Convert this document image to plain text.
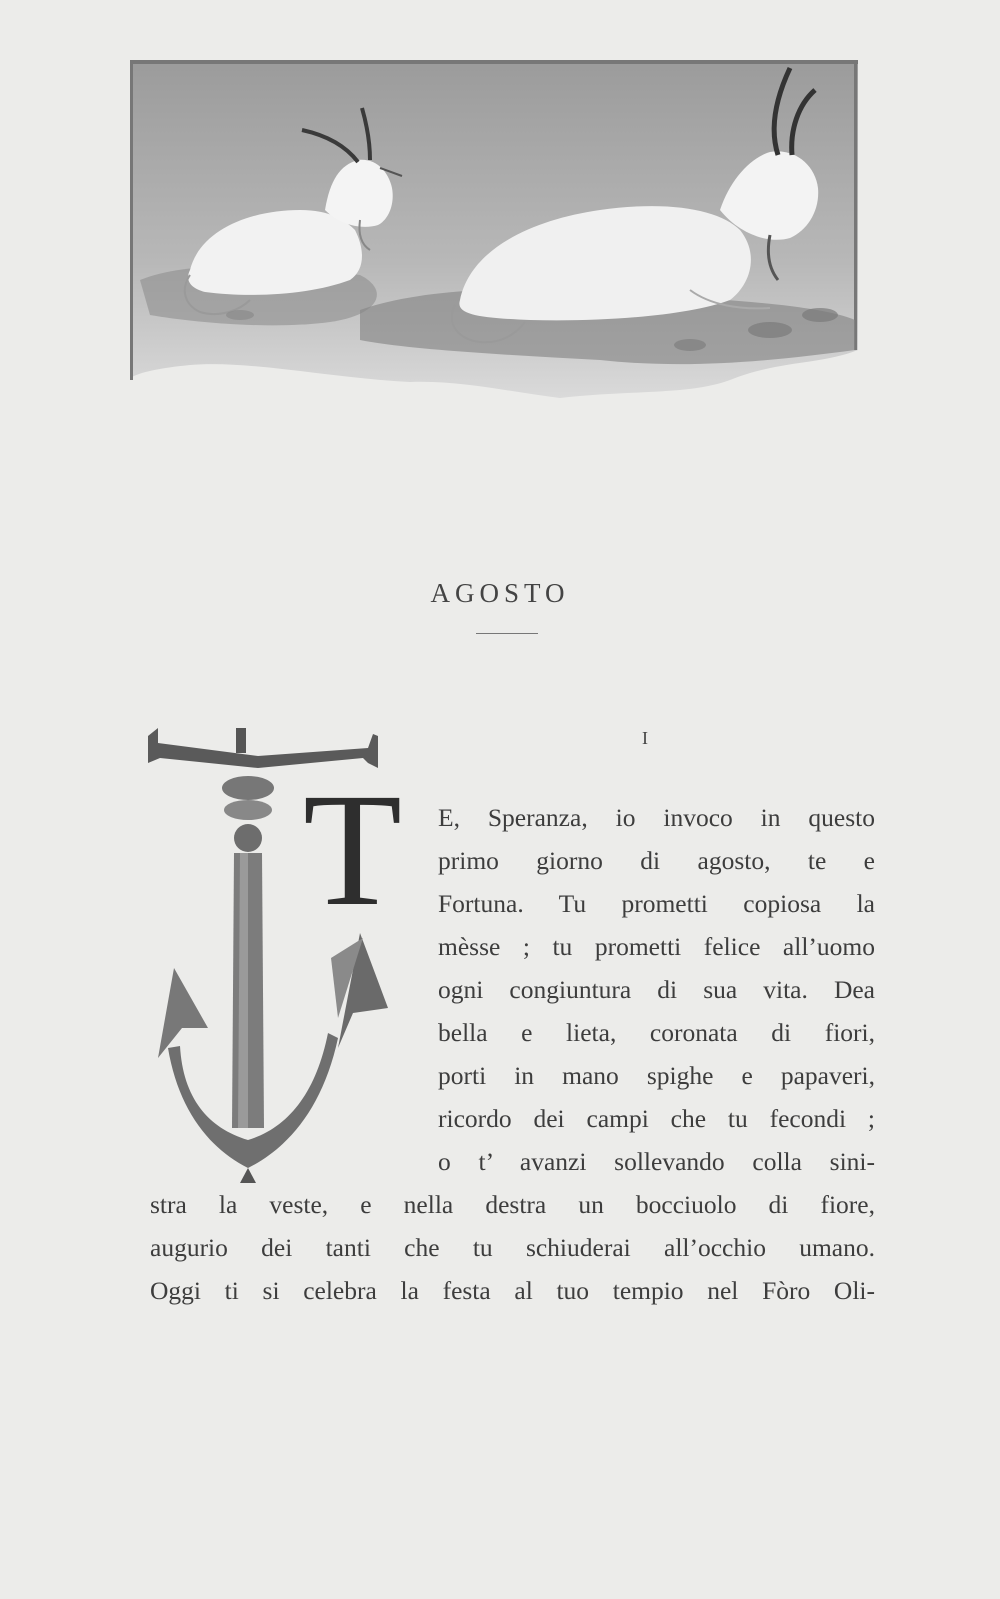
AGOSTO
I
T E, Speranza, io invoco in questo
primo giorno di agosto, te e
Fortuna. Tu prometti copiosa la
mèsse ; tu prometti felice all’uomo
ogni congiuntura di sua vita. Dea
bella e lieta, coronata di fiori,
porti in mano spighe e papaveri,
ricordo dei campi che tu fecondi ;
o t’ avanzi sollevando colla sini-
stra la veste, e nella destra un bocciuolo di fiore,
augurio dei tanti che tu schiuderai all’occhio umano.
Oggi ti si celebra la festa al tuo tempio nel Fòro Oli-
